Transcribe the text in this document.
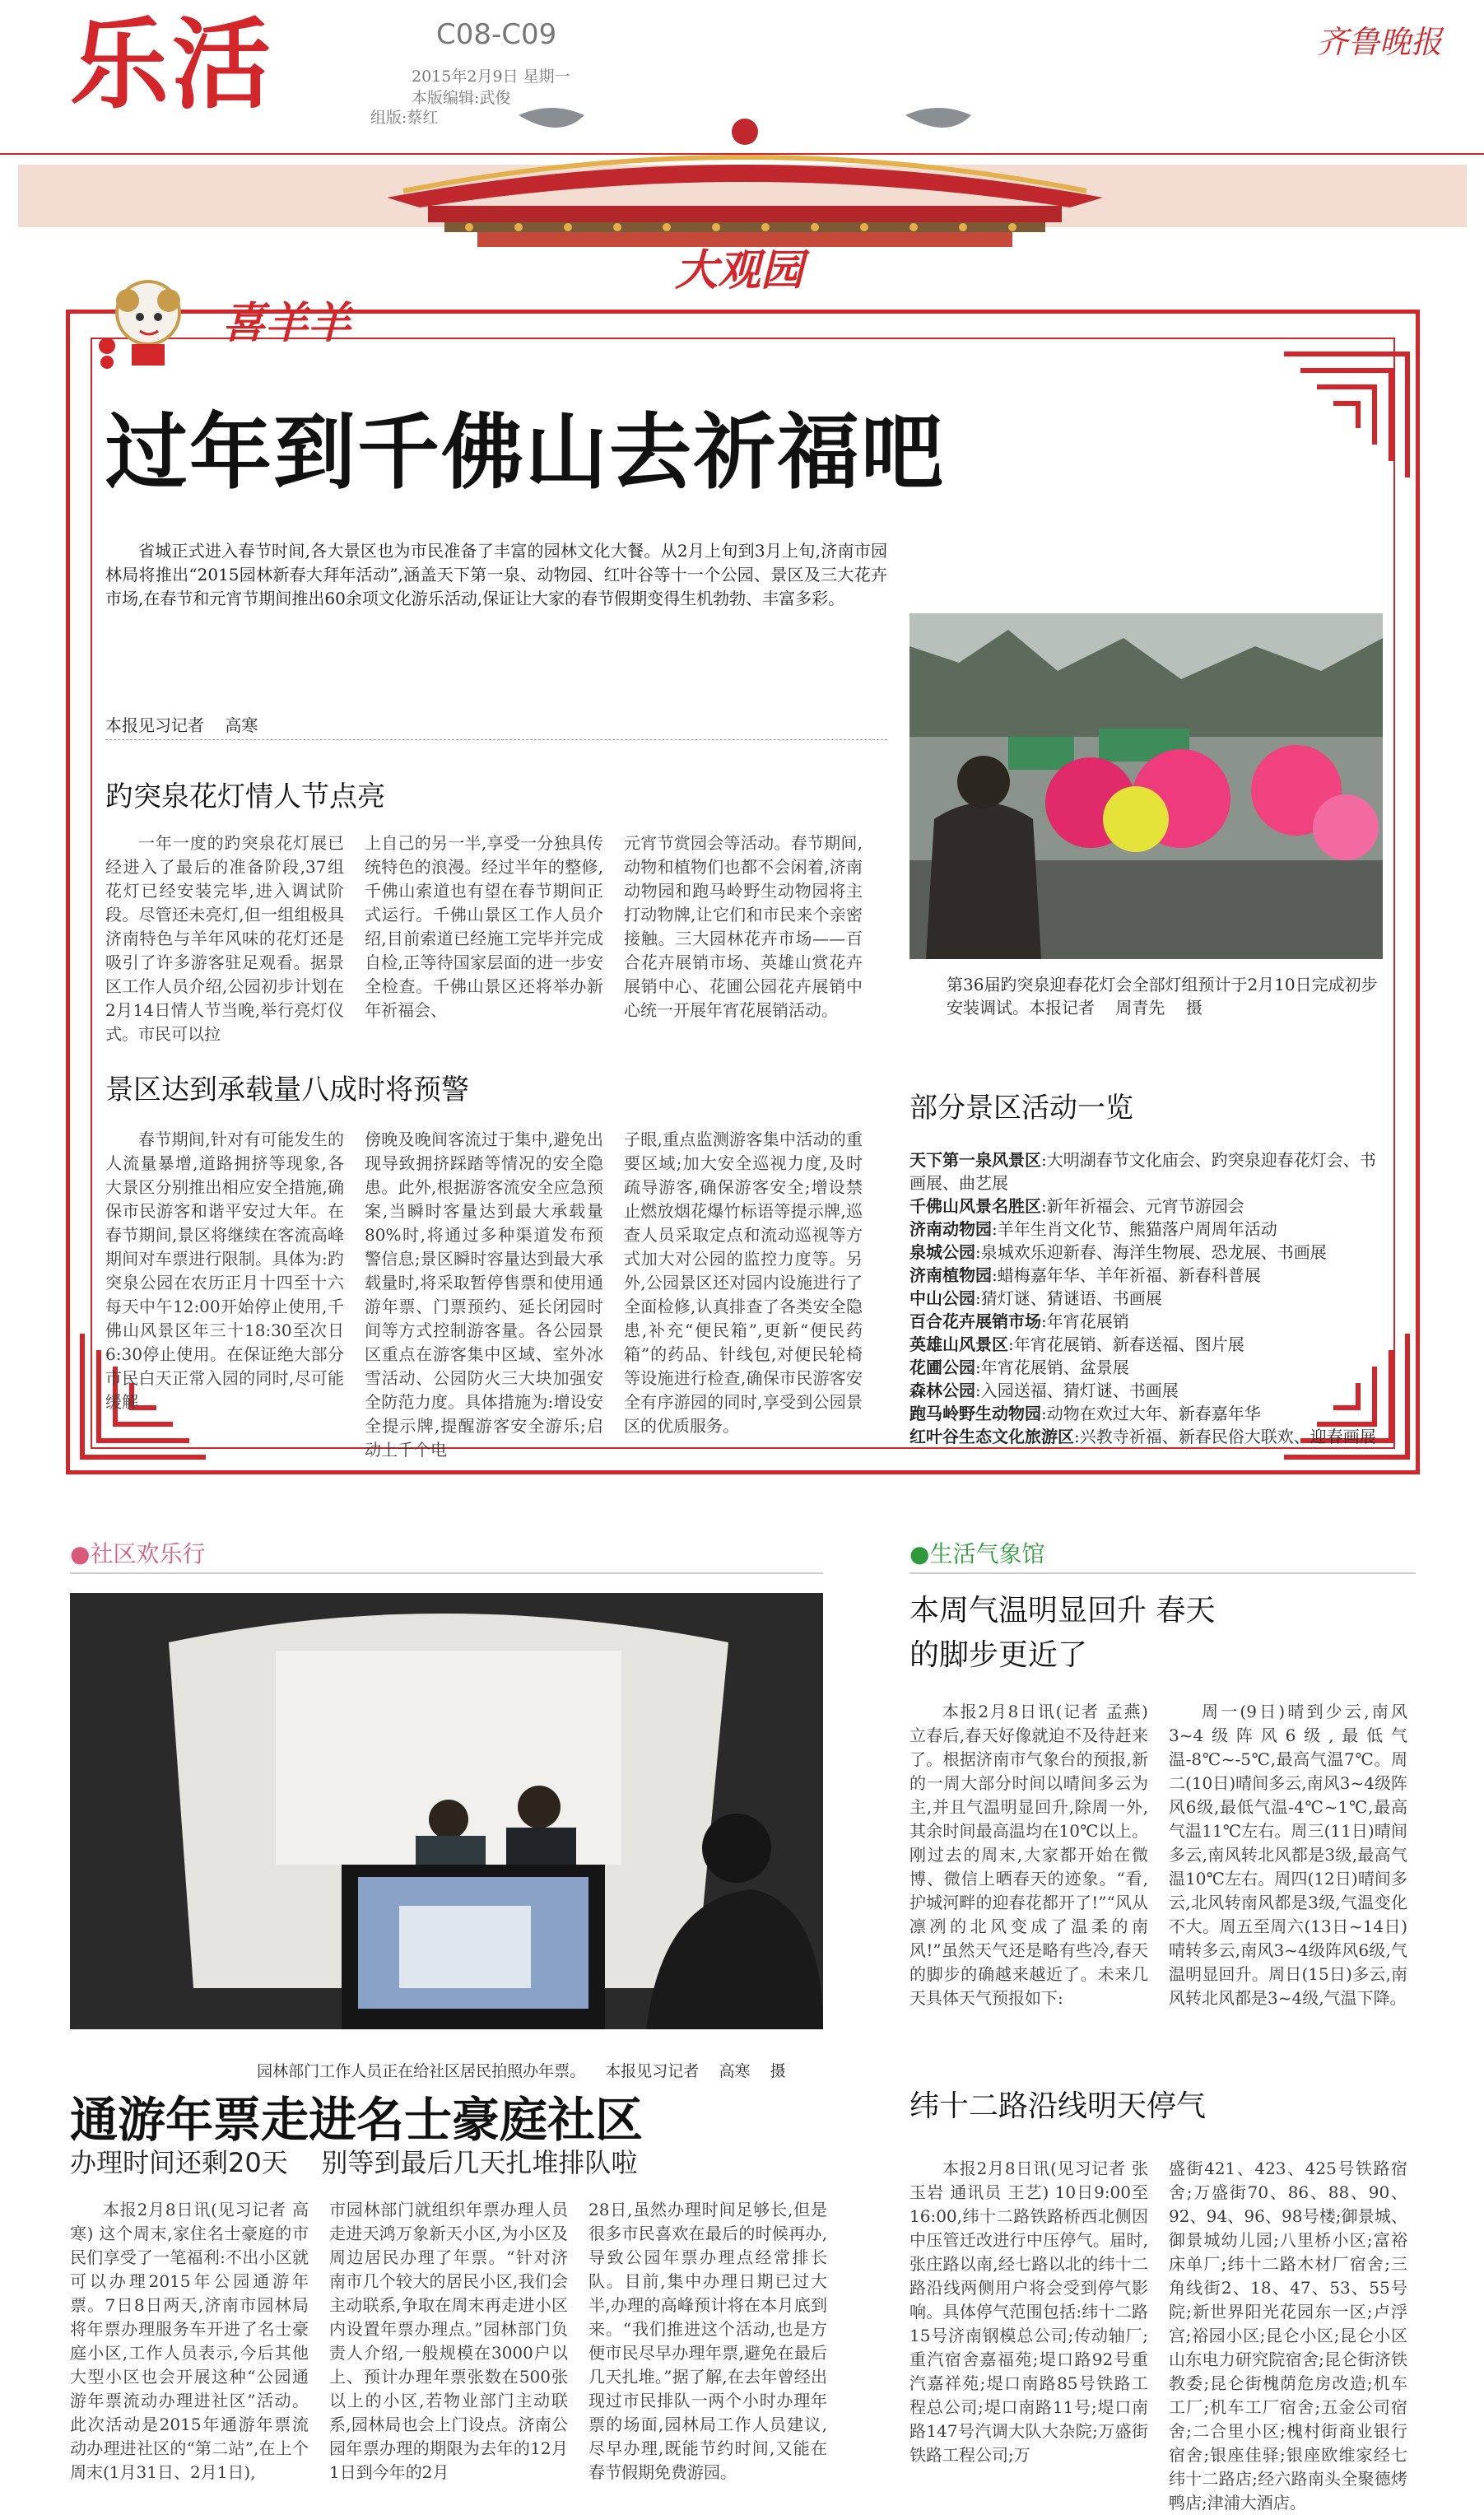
乐活	C08-C09
2015年2月9日 星期一
本版编辑:武俊
组版:蔡红
齐鲁晚报
大观园
喜羊羊
过年到千佛山去祈福吧

省城正式进入春节时间,各大景区也为市民准备了丰富的园林文化大餐。从2月上旬到3月上旬,济南市园林局将推出“2015园林新春大拜年活动”,涵盖天下第一泉、动物园、红叶谷等十一个公园、景区及三大花卉市场,在春节和元宵节期间推出60余项文化游乐活动,保证让大家的春节假期变得生机勃勃、丰富多彩。

本报见习记者    高寒
第36届趵突泉迎春花灯会全部灯组预计于2月10日完成初步安装调试。本报记者    周青先    摄
趵突泉花灯情人节点亮

一年一度的趵突泉花灯展已经进入了最后的准备阶段,37组花灯已经安装完毕,进入调试阶段。尽管还未亮灯,但一组组极具济南特色与羊年风味的花灯还是吸引了许多游客驻足观看。据景区工作人员介绍,公园初步计划在2月14日情人节当晚,举行亮灯仪式。市民可以拉

上自己的另一半,享受一分独具传统特色的浪漫。经过半年的整修,千佛山索道也有望在春节期间正式运行。千佛山景区工作人员介绍,目前索道已经施工完毕并完成自检,正等待国家层面的进一步安全检查。千佛山景区还将举办新年祈福会、

元宵节赏园会等活动。春节期间,动物和植物们也都不会闲着,济南动物园和跑马岭野生动物园将主打动物牌,让它们和市民来个亲密接触。三大园林花卉市场——百合花卉展销市场、英雄山赏花卉展销中心、花圃公园花卉展销中心统一开展年宵花展销活动。

景区达到承载量八成时将预警

春节期间,针对有可能发生的人流量暴增,道路拥挤等现象,各大景区分别推出相应安全措施,确保市民游客和谐平安过大年。在春节期间,景区将继续在客流高峰期间对车票进行限制。具体为:趵突泉公园在农历正月十四至十六每天中午12:00开始停止使用,千佛山风景区年三十18:30至次日6:30停止使用。在保证绝大部分市民白天正常入园的同时,尽可能缓解

傍晚及晚间客流过于集中,避免出现导致拥挤踩踏等情况的安全隐患。此外,根据游客流安全应急预案,当瞬时客量达到最大承载量80%时,将通过多种渠道发布预警信息;景区瞬时容量达到最大承载量时,将采取暂停售票和使用通游年票、门票预约、延长闭园时间等方式控制游客量。各公园景区重点在游客集中区域、室外冰雪活动、公园防火三大块加强安全防范力度。具体措施为:增设安全提示牌,提醒游客安全游乐;启动上千个电

子眼,重点监测游客集中活动的重要区域;加大安全巡视力度,及时疏导游客,确保游客安全;增设禁止燃放烟花爆竹标语等提示牌,巡查人员采取定点和流动巡视等方式加大对公园的监控力度等。另外,公园景区还对园内设施进行了全面检修,认真排查了各类安全隐患,补充“便民箱”,更新“便民药箱”的药品、针线包,对便民轮椅等设施进行检查,确保市民游客安全有序游园的同时,享受到公园景区的优质服务。

部分景区活动一览
天下第一泉风景区:大明湖春节文化庙会、趵突泉迎春花灯会、书画展、曲艺展
千佛山风景名胜区:新年祈福会、元宵节游园会
济南动物园:羊年生肖文化节、熊猫落户周周年活动
泉城公园:泉城欢乐迎新春、海洋生物展、恐龙展、书画展
济南植物园:蜡梅嘉年华、羊年祈福、新春科普展
中山公园:猜灯谜、猜谜语、书画展
百合花卉展销市场:年宵花展销
英雄山风景区:年宵花展销、新春送福、图片展
花圃公园:年宵花展销、盆景展
森林公园:入园送福、猜灯谜、书画展
跑马岭野生动物园:动物在欢过大年、新春嘉年华
红叶谷生态文化旅游区:兴教寺祈福、新春民俗大联欢、迎春画展
●社区欢乐行

园林部门工作人员正在给社区居民拍照办年票。 本报见习记者    高寒    摄

通游年票走进名士豪庭社区
办理时间还剩20天    别等到最后几天扎堆排队啦

本报2月8日讯(见习记者 高寒) 这个周末,家住名士豪庭的市民们享受了一笔福利:不出小区就可以办理2015年公园通游年票。7日8日两天,济南市园林局将年票办理服务车开进了名士豪庭小区,工作人员表示,今后其他大型小区也会开展这种“公园通游年票流动办理进社区”活动。此次活动是2015年通游年票流动办理进社区的“第二站”,在上个周末(1月31日、2月1日),

市园林部门就组织年票办理人员走进天鸿万象新天小区,为小区及周边居民办理了年票。“针对济南市几个较大的居民小区,我们会主动联系,争取在周末再走进小区内设置年票办理点。”园林部门负责人介绍,一般规模在3000户以上、预计办理年票张数在500张以上的小区,若物业部门主动联系,园林局也会上门设点。济南公园年票办理的期限为去年的12月1日到今年的2月

28日,虽然办理时间足够长,但是很多市民喜欢在最后的时候再办,导致公园年票办理点经常排长队。目前,集中办理日期已过大半,办理的高峰预计将在本月底到来。“我们推进这个活动,也是方便市民尽早办理年票,避免在最后几天扎堆。”据了解,在去年曾经出现过市民排队一两个小时办理年票的场面,园林局工作人员建议,尽早办理,既能节约时间,又能在春节假期免费游园。

●生活气象馆
本周气温明显回升 春天的脚步更近了

本报2月8日讯(记者 孟燕) 立春后,春天好像就迫不及待赶来了。根据济南市气象台的预报,新的一周大部分时间以晴间多云为主,并且气温明显回升,除周一外,其余时间最高温均在10℃以上。刚过去的周末,大家都开始在微博、微信上晒春天的迹象。“看,护城河畔的迎春花都开了!”“风从凛冽的北风变成了温柔的南风!”虽然天气还是略有些冷,春天的脚步的确越来越近了。未来几天具体天气预报如下:

周一(9日)晴到少云,南风3~4级阵风6级,最低气温-8℃~-5℃,最高气温7℃。周二(10日)晴间多云,南风3~4级阵风6级,最低气温-4℃~1℃,最高气温11℃左右。周三(11日)晴间多云,南风转北风都是3级,最高气温10℃左右。周四(12日)晴间多云,北风转南风都是3级,气温变化不大。周五至周六(13日~14日)晴转多云,南风3~4级阵风6级,气温明显回升。周日(15日)多云,南风转北风都是3~4级,气温下降。

纬十二路沿线明天停气

本报2月8日讯(见习记者 张玉岩 通讯员 王艺) 10日9:00至16:00,纬十二路铁路桥西北侧因中压管迁改进行中压停气。届时,张庄路以南,经七路以北的纬十二路沿线两侧用户将会受到停气影响。具体停气范围包括:纬十二路15号济南钢模总公司;传动轴厂;重汽宿舍嘉福苑;堤口路92号重汽嘉祥苑;堤口南路85号铁路工程总公司;堤口南路11号;堤口南路147号汽调大队大杂院;万盛街铁路工程公司;万

盛街421、423、425号铁路宿舍;万盛街70、86、88、90、92、94、96、98号楼;御景城、御景城幼儿园;八里桥小区;富裕床单厂;纬十二路木材厂宿舍;三角线街2、18、47、53、55号院;新世界阳光花园东一区;卢浮宫;裕园小区;昆仑小区;昆仑小区山东电力研究院宿舍;昆仑街济铁教委;昆仑街槐荫危房改造;机车工厂;机车工厂宿舍;五金公司宿舍;二合里小区;槐村街商业银行宿舍;银座佳驿;银座欧维家经七纬十二路店;经六路南头全聚德烤鸭店;津浦大酒店。
